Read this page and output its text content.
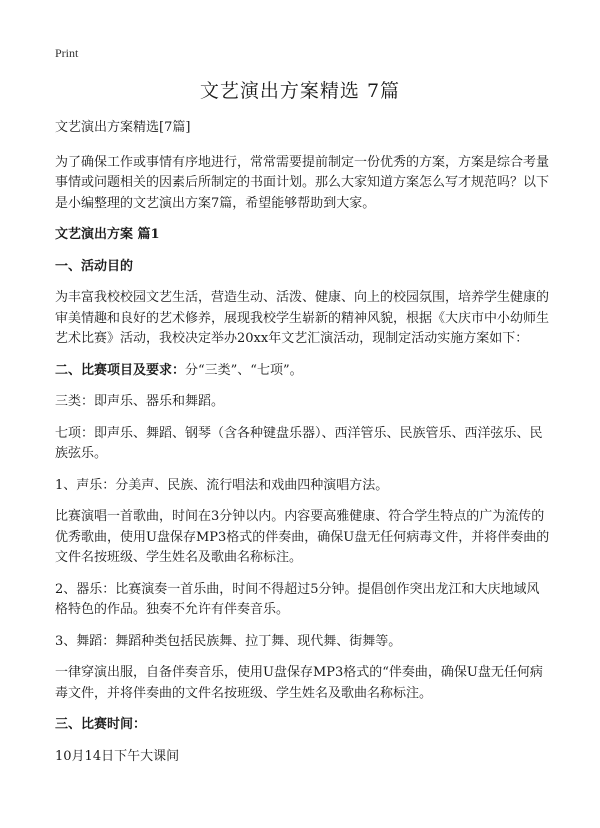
Print
文艺演出方案精选 7篇

文艺演出方案精选[7篇]

为了确保工作或事情有序地进行，常常需要提前制定一份优秀的方案，方案是综合考量事情或问题相关的因素后所制定的书面计划。那么大家知道方案怎么写才规范吗？以下是小编整理的文艺演出方案7篇，希望能够帮助到大家。

文艺演出方案 篇1

一、活动目的

为丰富我校校园文艺生活，营造生动、活泼、健康、向上的校园氛围，培养学生健康的审美情趣和良好的艺术修养，展现我校学生崭新的精神风貌，根据《大庆市中小幼师生艺术比赛》活动，我校决定举办20xx年文艺汇演活动，现制定活动实施方案如下：

二、比赛项目及要求：分“三类”、“七项”。

三类：即声乐、器乐和舞蹈。

七项：即声乐、舞蹈、钢琴（含各种键盘乐器）、西洋管乐、民族管乐、西洋弦乐、民族弦乐。

1、声乐：分美声、民族、流行唱法和戏曲四种演唱方法。

比赛演唱一首歌曲，时间在3分钟以内。内容要高雅健康、符合学生特点的广为流传的优秀歌曲，使用U盘保存MP3格式的伴奏曲，确保U盘无任何病毒文件，并将伴奏曲的文件名按班级、学生姓名及歌曲名称标注。

2、器乐：比赛演奏一首乐曲，时间不得超过5分钟。提倡创作突出龙江和大庆地域风格特色的作品。独奏不允许有伴奏音乐。

3、舞蹈：舞蹈种类包括民族舞、拉丁舞、现代舞、街舞等。

一律穿演出服，自备伴奏音乐，使用U盘保存MP3格式的“伴奏曲，确保U盘无任何病毒文件，并将伴奏曲的文件名按班级、学生姓名及歌曲名称标注。

三、比赛时间：

10月14日下午大课间
